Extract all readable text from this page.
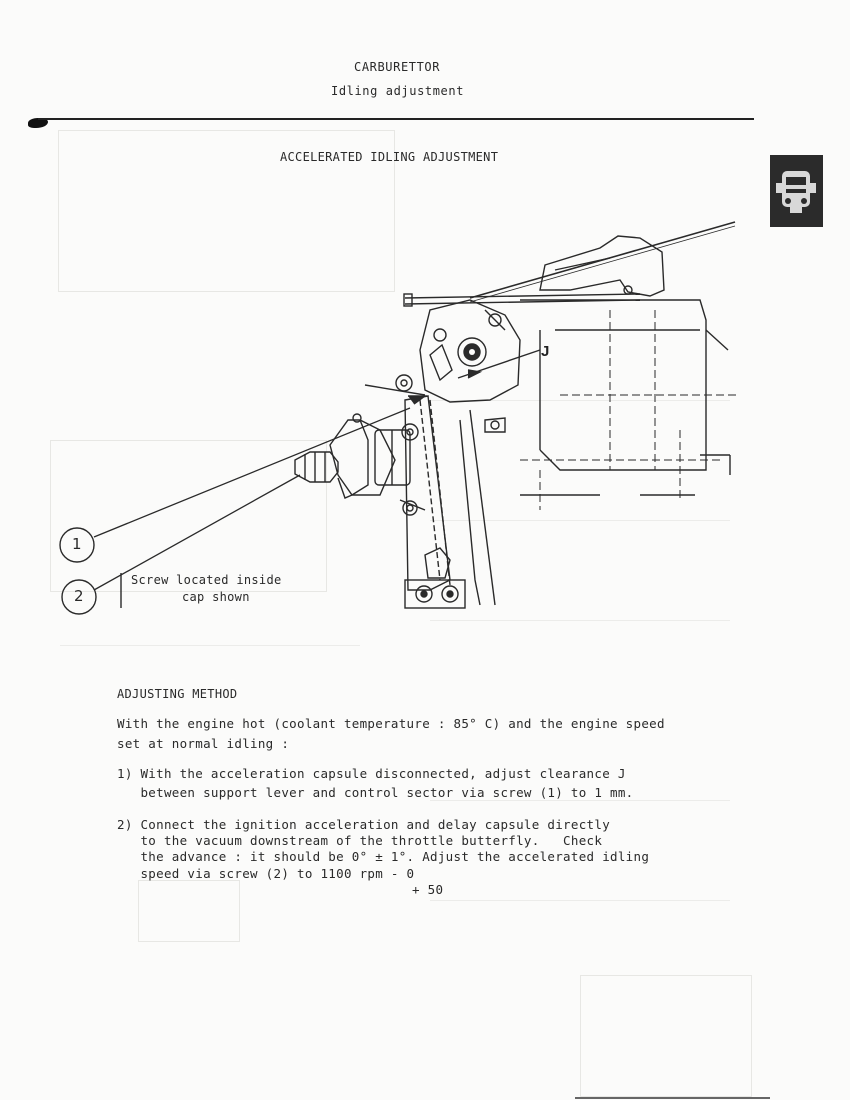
CARBURETTOR
Idling adjustment
ACCELERATED IDLING ADJUSTMENT
J
1
2
Screw located inside
cap shown
ADJUSTING METHOD
With the engine hot (coolant temperature : 85° C) and the engine speed
set at normal idling :
1) With the acceleration capsule disconnected, adjust clearance J
between support lever and control sector via screw (1) to 1 mm.
2) Connect the ignition acceleration and delay capsule directly
to the vacuum downstream of the throttle butterfly.   Check
the advance : it should be 0° ± 1°. Adjust the accelerated idling
speed via screw (2) to 1100 rpm - 0
+ 50
